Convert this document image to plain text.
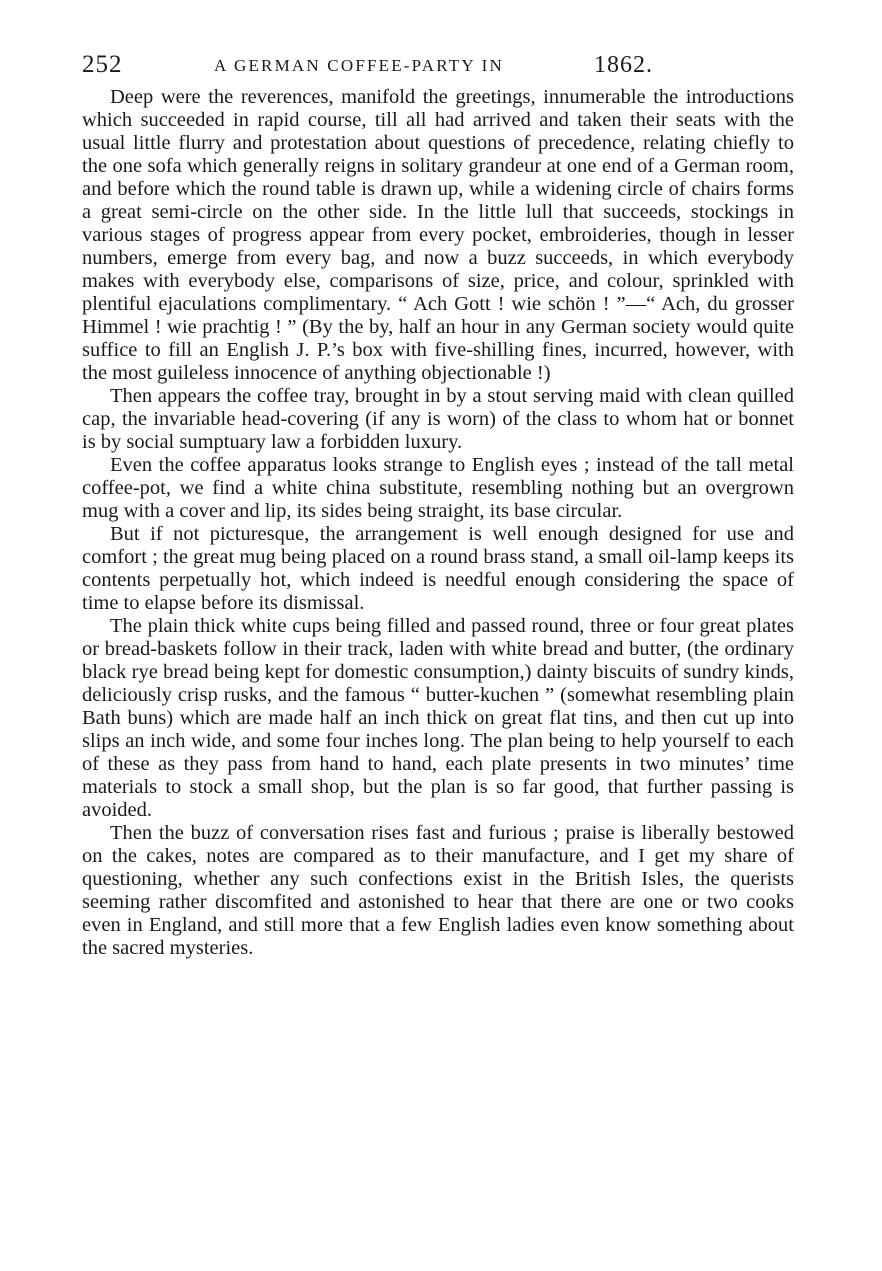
252	A GERMAN COFFEE-PARTY IN	1862.

Deep were the reverences, manifold the greetings, innumerable the introductions which succeeded in rapid course, till all had arrived and taken their seats with the usual little flurry and protestation about questions of precedence, relating chiefly to the one sofa which generally reigns in solitary grandeur at one end of a German room, and before which the round table is drawn up, while a widening circle of chairs forms a great semi-circle on the other side. In the little lull that succeeds, stockings in various stages of progress appear from every pocket, embroideries, though in lesser numbers, emerge from every bag, and now a buzz succeeds, in which everybody makes with everybody else, comparisons of size, price, and colour, sprinkled with plentiful ejaculations complimentary. “ Ach Gott ! wie schön ! ”—“ Ach, du grosser Himmel ! wie prachtig ! ” (By the by, half an hour in any German society would quite suffice to fill an English J. P.’s box with five-shilling fines, incurred, however, with the most guileless innocence of anything objectionable !)

Then appears the coffee tray, brought in by a stout serving maid with clean quilled cap, the invariable head-covering (if any is worn) of the class to whom hat or bonnet is by social sumptuary law a forbidden luxury.

Even the coffee apparatus looks strange to English eyes ; instead of the tall metal coffee-pot, we find a white china substitute, resembling nothing but an overgrown mug with a cover and lip, its sides being straight, its base circular.

But if not picturesque, the arrangement is well enough designed for use and comfort ; the great mug being placed on a round brass stand, a small oil-lamp keeps its contents perpetually hot, which indeed is needful enough considering the space of time to elapse before its dismissal.

The plain thick white cups being filled and passed round, three or four great plates or bread-baskets follow in their track, laden with white bread and butter, (the ordinary black rye bread being kept for domestic consumption,) dainty biscuits of sundry kinds, deliciously crisp rusks, and the famous “ butter-kuchen ” (somewhat resembling plain Bath buns) which are made half an inch thick on great flat tins, and then cut up into slips an inch wide, and some four inches long. The plan being to help yourself to each of these as they pass from hand to hand, each plate presents in two minutes’ time materials to stock a small shop, but the plan is so far good, that further passing is avoided.

Then the buzz of conversation rises fast and furious ; praise is liberally bestowed on the cakes, notes are compared as to their manufacture, and I get my share of questioning, whether any such confections exist in the British Isles, the querists seeming rather discomfited and astonished to hear that there are one or two cooks even in England, and still more that a few English ladies even know something about the sacred mysteries.
